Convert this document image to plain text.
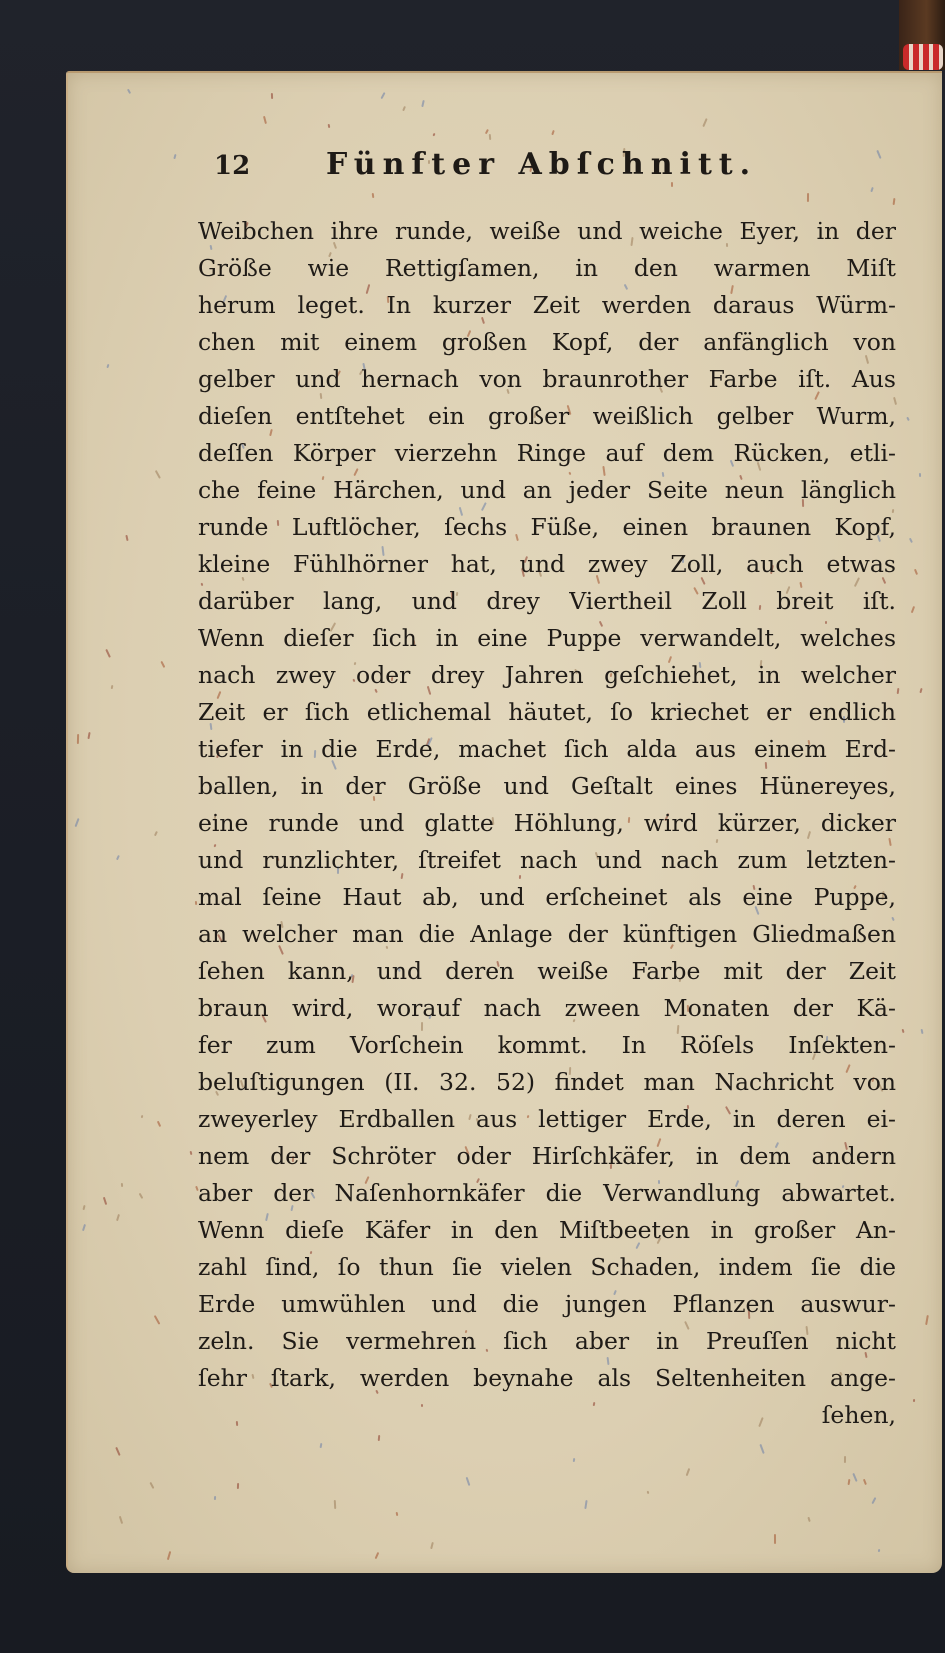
12	Fünfter Abſchnitt.
Weibchen ihre runde, weiße und weiche Eyer, in der
Größe wie Rettigſamen, in den warmen Miſt
herum leget. In kurzer Zeit werden daraus Würm-
chen mit einem großen Kopf, der anfänglich von
gelber und hernach von braunrother Farbe iſt. Aus
dieſen entſtehet ein großer weißlich gelber Wurm,
deſſen Körper vierzehn Ringe auf dem Rücken, etli-
che feine Härchen, und an jeder Seite neun länglich
runde Luftlöcher, ſechs Füße, einen braunen Kopf,
kleine Fühlhörner hat, und zwey Zoll, auch etwas
darüber lang, und drey Viertheil Zoll breit iſt.
Wenn dieſer ſich in eine Puppe verwandelt, welches
nach zwey oder drey Jahren geſchiehet, in welcher
Zeit er ſich etlichemal häutet, ſo kriechet er endlich
tiefer in die Erde, machet ſich alda aus einem Erd-
ballen, in der Größe und Geſtalt eines Hünereyes,
eine runde und glatte Höhlung, wird kürzer, dicker
und runzlichter, ſtreifet nach und nach zum letzten-
mal ſeine Haut ab, und erſcheinet als eine Puppe,
an welcher man die Anlage der künftigen Gliedmaßen
ſehen kann, und deren weiße Farbe mit der Zeit
braun wird, worauf nach zween Monaten der Kä-
fer zum Vorſchein kommt. In Röſels Inſekten-
beluſtigungen (II. 32. 52) findet man Nachricht von
zweyerley Erdballen aus lettiger Erde, in deren ei-
nem der Schröter oder Hirſchkäfer, in dem andern
aber der Naſenhornkäfer die Verwandlung abwartet.
Wenn dieſe Käfer in den Miſtbeeten in großer An-
zahl ſind, ſo thun ſie vielen Schaden, indem ſie die
Erde umwühlen und die jungen Pflanzen auswur-
zeln. Sie vermehren ſich aber in Preuſſen nicht
ſehr ſtark, werden beynahe als Seltenheiten ange-
ſehen,
